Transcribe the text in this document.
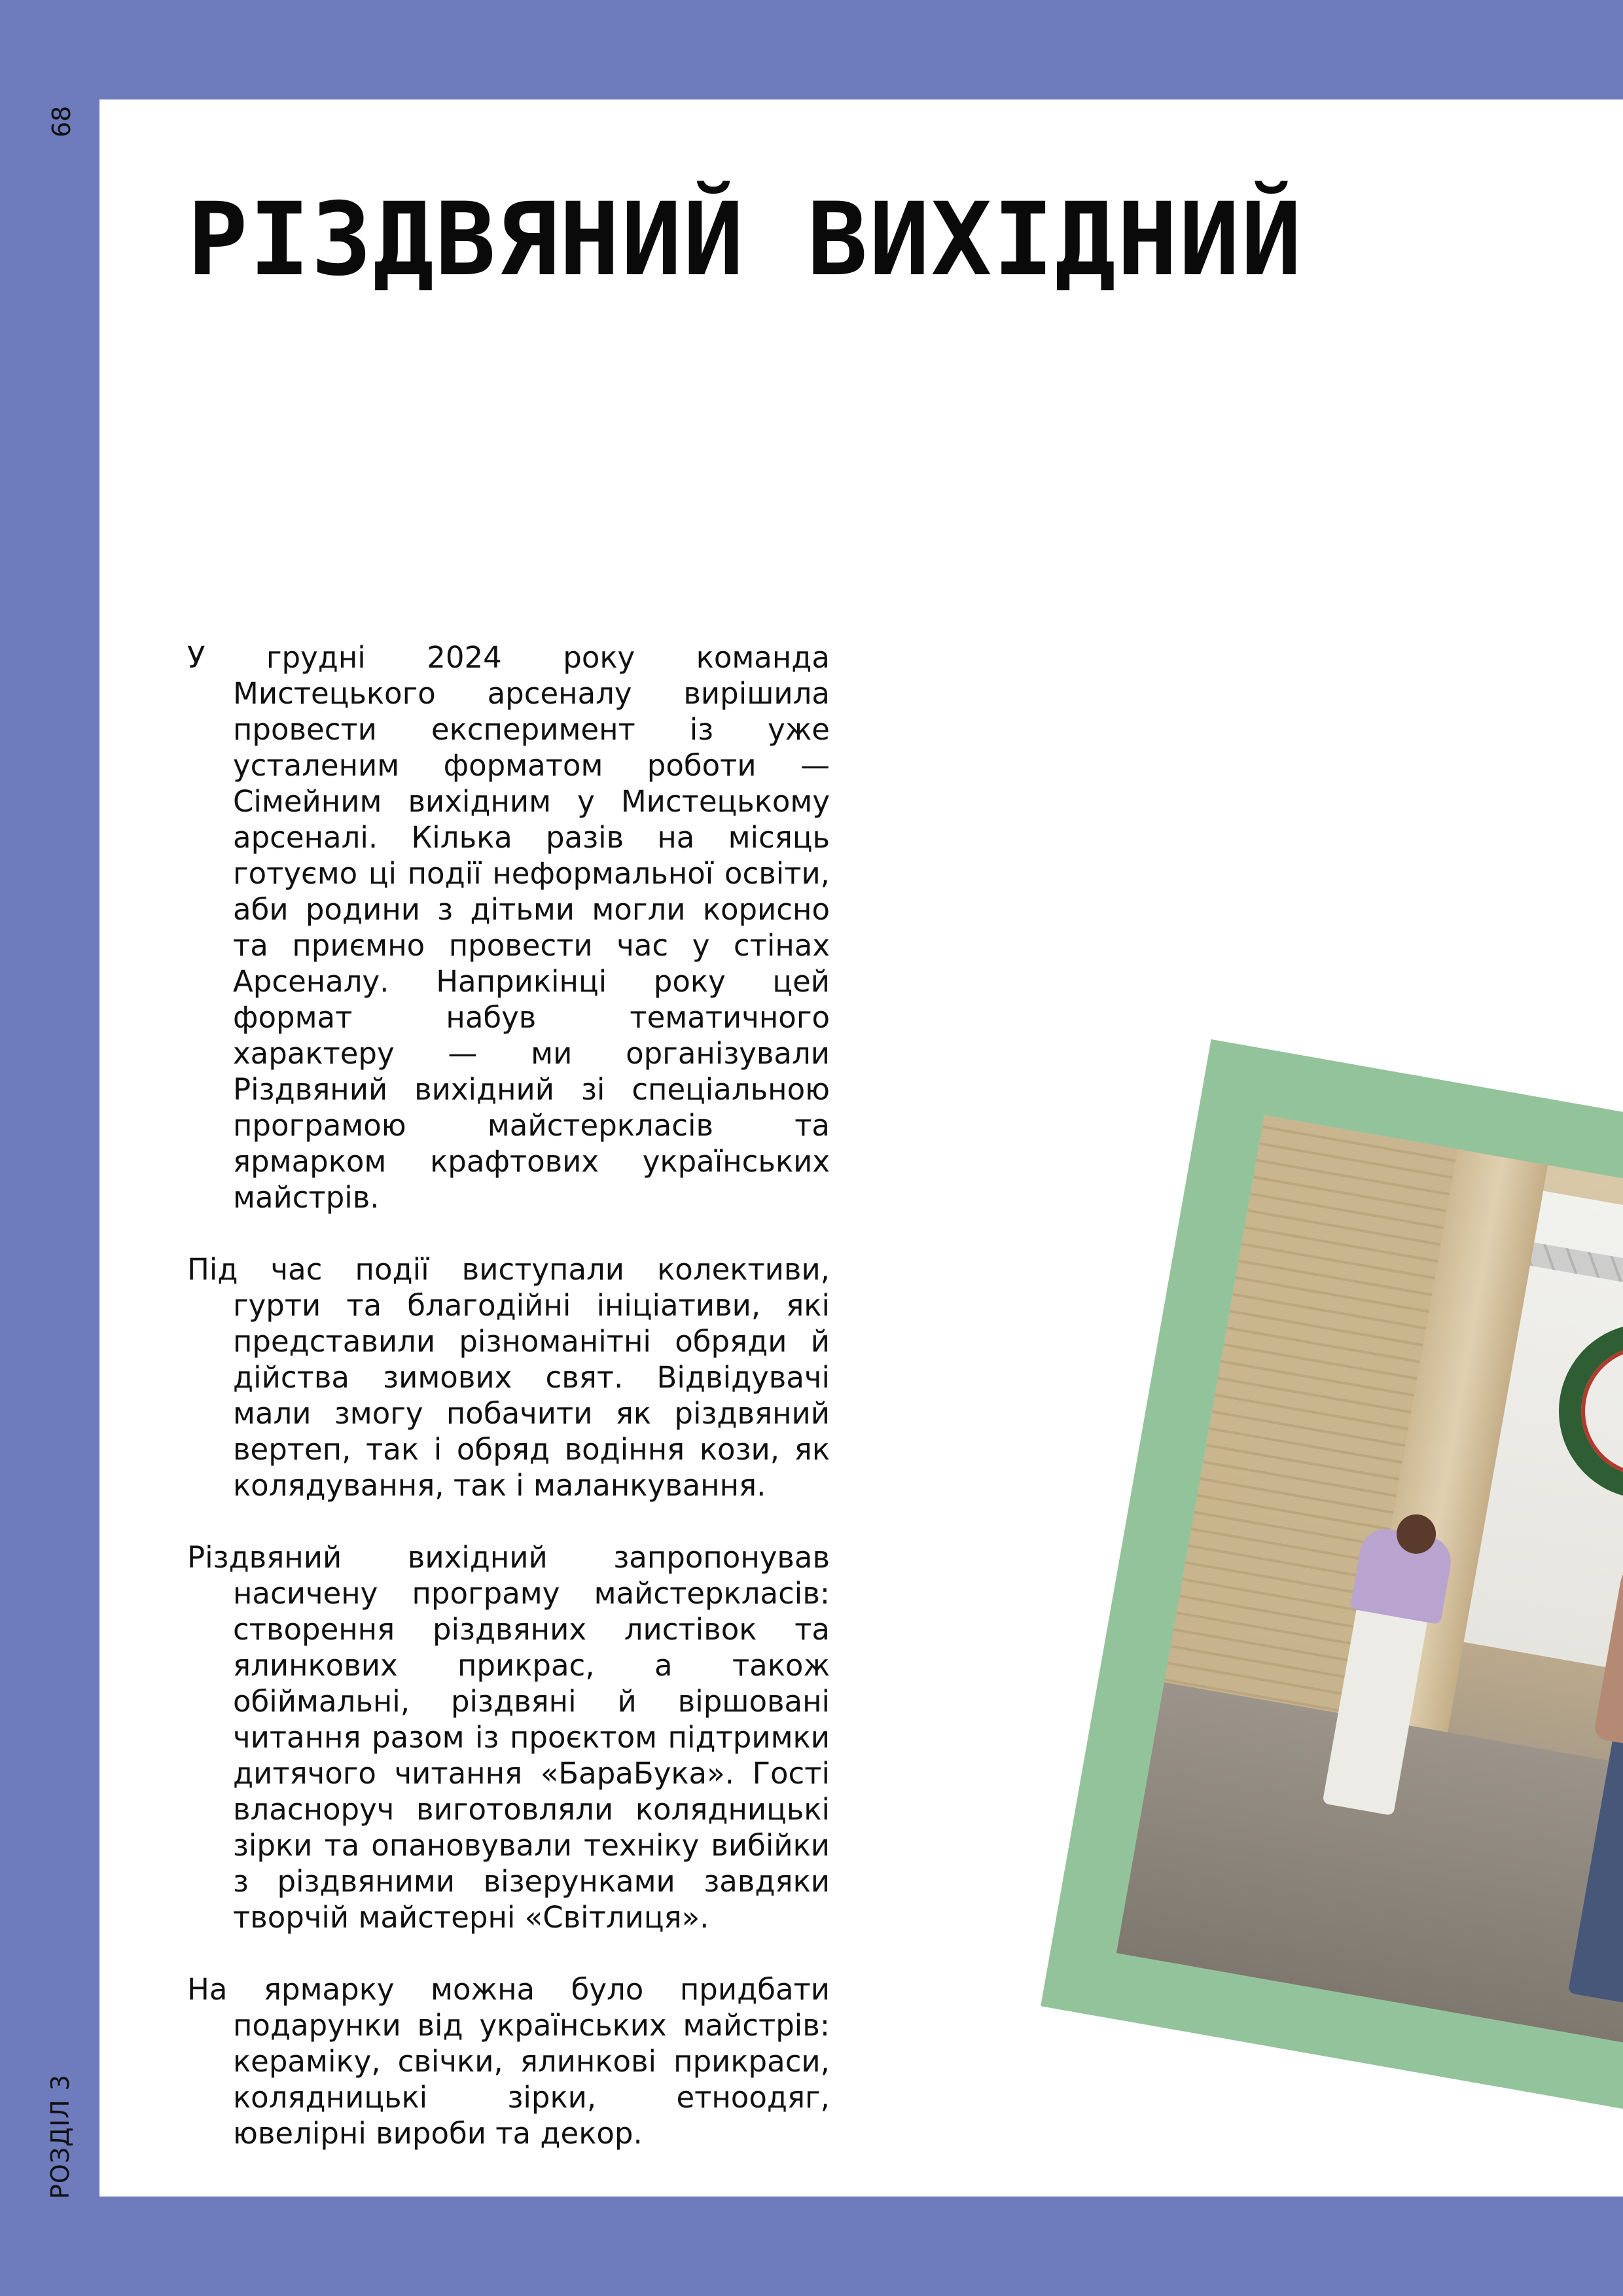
68
РОЗДІЛ 3
РІЗДВЯНИЙ ВИХІДНИЙ

У грудні 2024 року команда Мистецького арсеналу вирішила провести експеримент із уже усталеним форматом роботи — Сімейним вихідним у Мистецькому арсеналі. Кілька разів на місяць готуємо ці події неформальної освіти, аби родини з дітьми могли корисно та приємно провести час у стінах Арсеналу. Наприкінці року цей формат набув тематичного характеру — ми організували Різдвяний вихідний зі спеціальною програмою майстеркласів та ярмарком крафтових українських майстрів.

Під час події виступали колективи, гурти та благодійні ініціативи, які представили різноманітні обряди й дійства зимових свят. Відвідувачі мали змогу побачити як різдвяний вертеп, так і обряд водіння кози, як колядування, так і маланкування.

Різдвяний вихідний запропонував насичену програму майстеркласів: створення різдвяних листівок та ялинкових прикрас, а також обіймальні, різдвяні й віршовані читання разом із проєктом підтримки дитячого читання «БараБука». Гості власноруч виготовляли колядницькі зірки та опановували техніку вибійки з різдвяними візерунками завдяки творчій майстерні «Світлиця».

На ярмарку можна було придбати подарунки від українських майстрів: кераміку, свічки, ялинкові прикраси, колядницькі зірки, етноодяг, ювелірні вироби та декор.
